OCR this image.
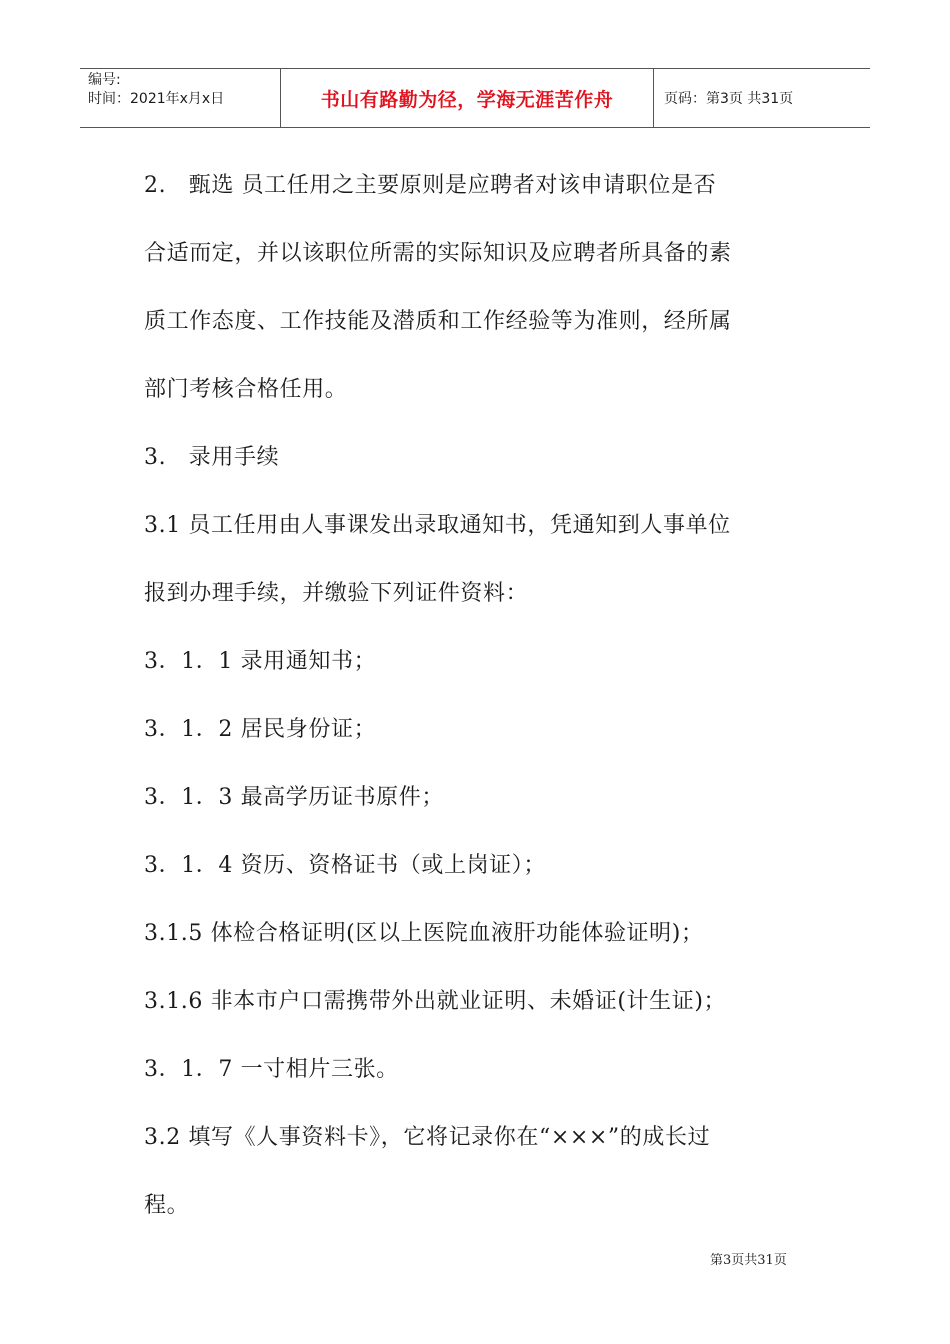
编号:
时间：2021年x月x日	书山有路勤为径，学海无涯苦作舟	页码：第3页 共31页

2.　甄选 员工任用之主要原则是应聘者对该申请职位是否

合适而定，并以该职位所需的实际知识及应聘者所具备的素

质工作态度、工作技能及潜质和工作经验等为准则，经所属

部门考核合格任用。

3.　录用手续

3.1 员工任用由人事课发出录取通知书，凭通知到人事单位

报到办理手续，并缴验下列证件资料：

3．1．1 录用通知书；

3．1．2 居民身份证；

3．1．3 最高学历证书原件；

3．1．4 资历、资格证书（或上岗证）；

3.1.5 体检合格证明(区以上医院血液肝功能体验证明)；

3.1.6 非本市户口需携带外出就业证明、未婚证(计生证)；

3．1．7 一寸相片三张。

3.2 填写《人事资料卡》，它将记录你在“×××”的成长过

程。

第3页共31页
